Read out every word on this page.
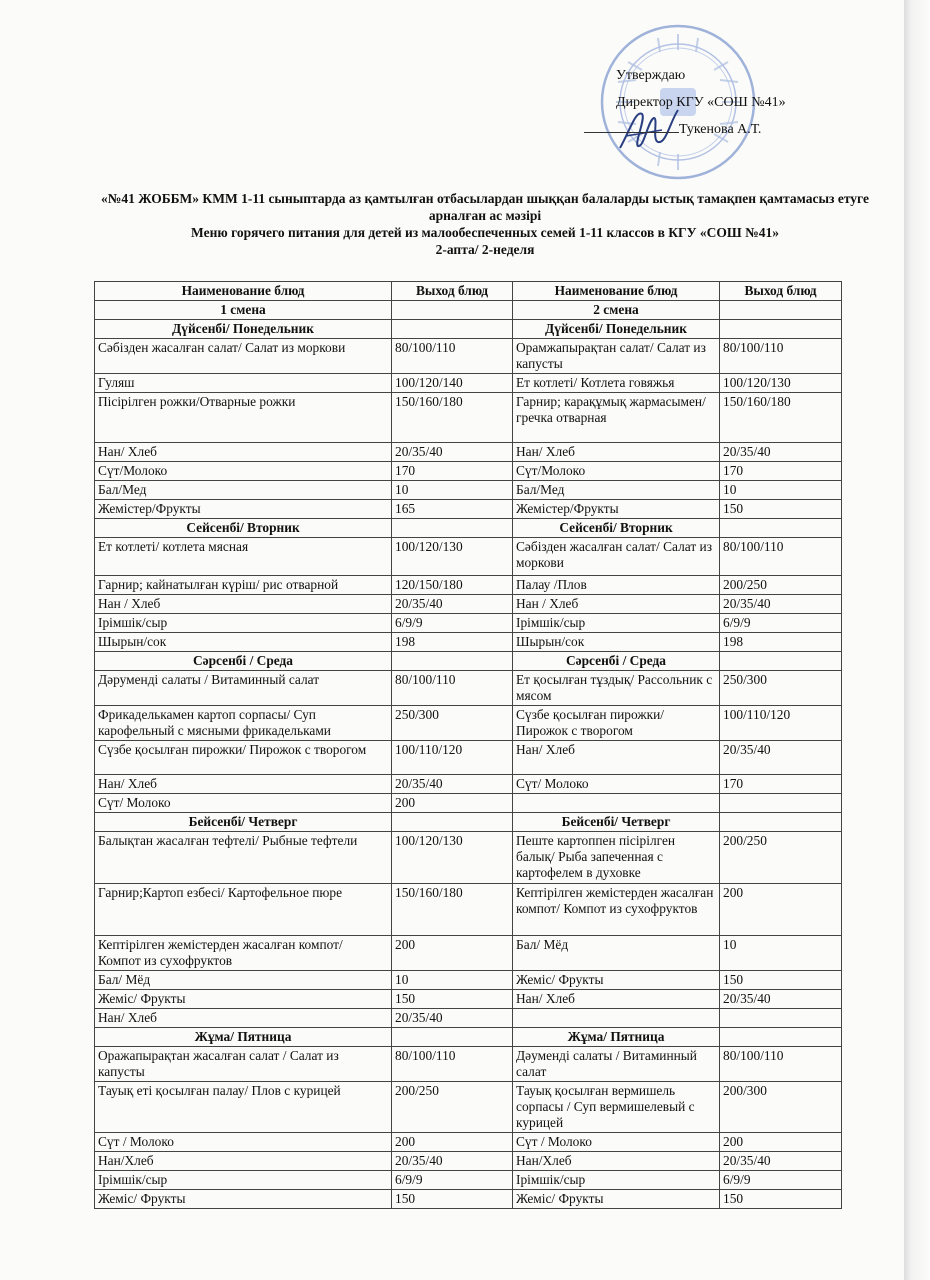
Утверждаю
Директор КГУ «СОШ №41»
Тукенова А.Т.
«№41 ЖОББМ» КММ 1-11 сыныптарда аз қамтылған отбасылардан шыққан балаларды ыстық тамақпен қамтамасыз етуге арналған ас мәзірі
Меню горячего питания для детей из малообеспеченных семей 1-11 классов в КГУ «СОШ №41»
2-апта/ 2-неделя
Наименование блюд	Выход блюд	Наименование блюд	Выход блюд
1 смена		2 смена	
Дүйсенбі/ Понедельник		Дүйсенбі/ Понедельник	
Сәбізден жасалған салат/ Салат из моркови	80/100/110	Орамжапырақтан салат/ Салат из капусты	80/100/110
Гуляш	100/120/140	Ет котлеті/ Котлета говяжья	100/120/130
Пісірілген рожки/Отварные рожки	150/160/180	Гарнир; карақұмық жармасымен/ гречка отварная	150/160/180
Нан/ Хлеб	20/35/40	Нан/ Хлеб	20/35/40
Сүт/Молоко	170	Сүт/Молоко	170
Бал/Мед	10	Бал/Мед	10
Жемістер/Фрукты	165	Жемістер/Фрукты	150
Сейсенбі/ Вторник		Сейсенбі/ Вторник	
Ет котлеті/ котлета мясная	100/120/130	Сәбізден жасалған салат/ Салат из моркови	80/100/110
Гарнир; кайнатылған күріш/ рис отварной	120/150/180	Палау /Плов	200/250
Нан / Хлеб	20/35/40	Нан / Хлеб	20/35/40
Ірімшік/сыр	6/9/9	Ірімшік/сыр	6/9/9
Шырын/сок	198	Шырын/сок	198
Сәрсенбі / Среда		Сәрсенбі / Среда	
Дәруменді салаты / Витаминный салат	80/100/110	Ет қосылған тұздық/ Рассольник с мясом	250/300
Фрикаделькамен картоп сорпасы/ Суп карофельный с мясными фрикадельками	250/300	Сүзбе қосылған пирожки/ Пирожок с творогом	100/110/120
Сүзбе қосылған пирожки/ Пирожок с творогом	100/110/120	Нан/ Хлеб	20/35/40
Нан/ Хлеб	20/35/40	Сүт/ Молоко	170
Сүт/ Молоко	200		
Бейсенбі/ Четверг		Бейсенбі/ Четверг	
Балықтан жасалған тефтелі/ Рыбные тефтели	100/120/130	Пеште картоппен пісірілген балық/ Рыба запеченная с картофелем в духовке	200/250
Гарнир;Картоп езбесі/ Картофельное пюре	150/160/180	Кептірілген жемістерден жасалған компот/ Компот из сухофруктов	200
Кептірілген жемістерден жасалған компот/ Компот из сухофруктов	200	Бал/ Мёд	10
Бал/ Мёд	10	Жеміс/ Фрукты	150
Жеміс/ Фрукты	150	Нан/ Хлеб	20/35/40
Нан/ Хлеб	20/35/40		
Жұма/ Пятница		Жұма/ Пятница	
Оражапырақтан жасалған салат / Салат из капусты	80/100/110	Дәуменді салаты / Витаминный салат	80/100/110
Тауық еті қосылған палау/ Плов с курицей	200/250	Тауық қосылған вермишель сорпасы / Суп вермишелевый с курицей	200/300
Сүт / Молоко	200	Сүт / Молоко	200
Нан/Хлеб	20/35/40	Нан/Хлеб	20/35/40
Ірімшік/сыр	6/9/9	Ірімшік/сыр	6/9/9
Жеміс/ Фрукты	150	Жеміс/ Фрукты	150
